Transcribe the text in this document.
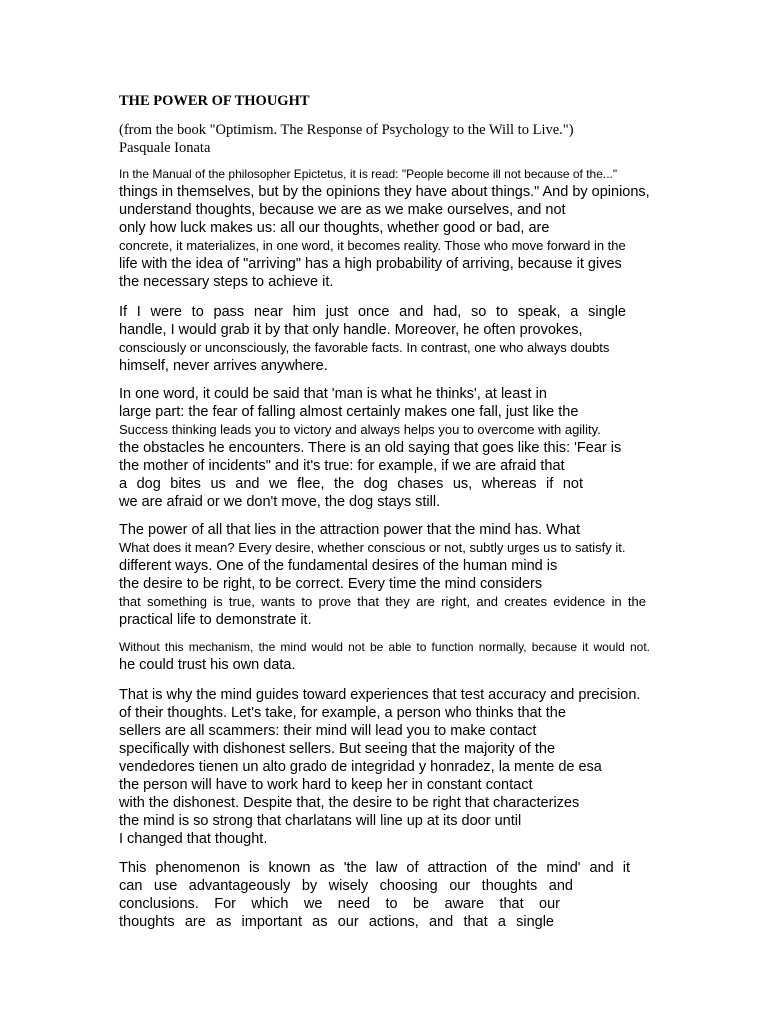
THE POWER OF THOUGHT
(from the book "Optimism. The Response of Psychology to the Will to Live.")
Pasquale Ionata
In the Manual of the philosopher Epictetus, it is read: "People become ill not because of the..."
things in themselves, but by the opinions they have about things." And by opinions,
understand thoughts, because we are as we make ourselves, and not
only how luck makes us: all our thoughts, whether good or bad, are
concrete, it materializes, in one word, it becomes reality. Those who move forward in the
life with the idea of "arriving" has a high probability of arriving, because it gives
the necessary steps to achieve it.
If I were to pass near him just once and had, so to speak, a single
handle, I would grab it by that only handle. Moreover, he often provokes,
consciously or unconsciously, the favorable facts. In contrast, one who always doubts
himself, never arrives anywhere.
In one word, it could be said that 'man is what he thinks', at least in
large part: the fear of falling almost certainly makes one fall, just like the
Success thinking leads you to victory and always helps you to overcome with agility.
the obstacles he encounters. There is an old saying that goes like this: 'Fear is
the mother of incidents" and it's true: for example, if we are afraid that
a dog bites us and we flee, the dog chases us, whereas if not
we are afraid or we don't move, the dog stays still.
The power of all that lies in the attraction power that the mind has. What
What does it mean? Every desire, whether conscious or not, subtly urges us to satisfy it.
different ways. One of the fundamental desires of the human mind is
the desire to be right, to be correct. Every time the mind considers
that something is true, wants to prove that they are right, and creates evidence in the
practical life to demonstrate it.
Without this mechanism, the mind would not be able to function normally, because it would not.
he could trust his own data.
That is why the mind guides toward experiences that test accuracy and precision.
of their thoughts. Let's take, for example, a person who thinks that the
sellers are all scammers: their mind will lead you to make contact
specifically with dishonest sellers. But seeing that the majority of the
vendedores tienen un alto grado de integridad y honradez, la mente de esa
the person will have to work hard to keep her in constant contact
with the dishonest. Despite that, the desire to be right that characterizes
the mind is so strong that charlatans will line up at its door until
I changed that thought.
This phenomenon is known as 'the law of attraction of the mind' and it
can use advantageously by wisely choosing our thoughts and
conclusions. For which we need to be aware that our
thoughts are as important as our actions, and that a single
